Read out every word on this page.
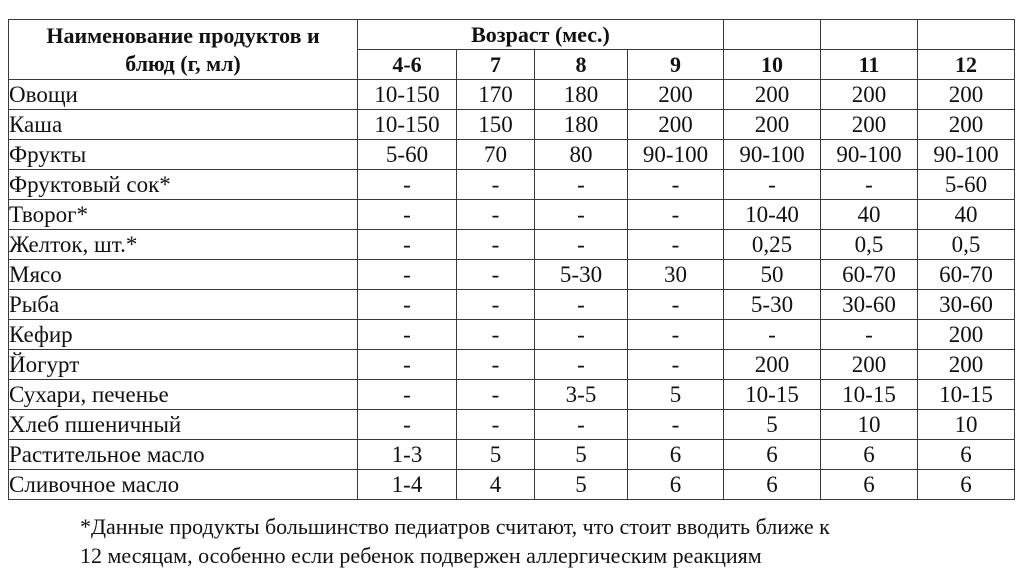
Наименование продуктов и
блюд (г, мл)	Возраст (мес.)						
	4-6	7	8	9	10	11	12
Овощи	10-150	170	180	200	200	200	200
Каша	10-150	150	180	200	200	200	200
Фрукты	5-60	70	80	90-100	90-100	90-100	90-100
Фруктовый сок*	-	-	-	-	-	-	5-60
Творог*	-	-	-	-	10-40	40	40
Желток, шт.*	-	-	-	-	0,25	0,5	0,5
Мясо	-	-	5-30	30	50	60-70	60-70
Рыба	-	-	-	-	5-30	30-60	30-60
Кефир	-	-	-	-	-	-	200
Йогурт	-	-	-	-	200	200	200
Сухари, печенье	-	-	3-5	5	10-15	10-15	10-15
Хлеб пшеничный	-	-	-	-	5	10	10
Растительное масло	1-3	5	5	6	6	6	6
Сливочное масло	1-4	4	5	6	6	6	6
*Данные продукты большинство педиатров считают, что стоит вводить ближе к
12 месяцам, особенно если ребенок подвержен аллергическим реакциям
